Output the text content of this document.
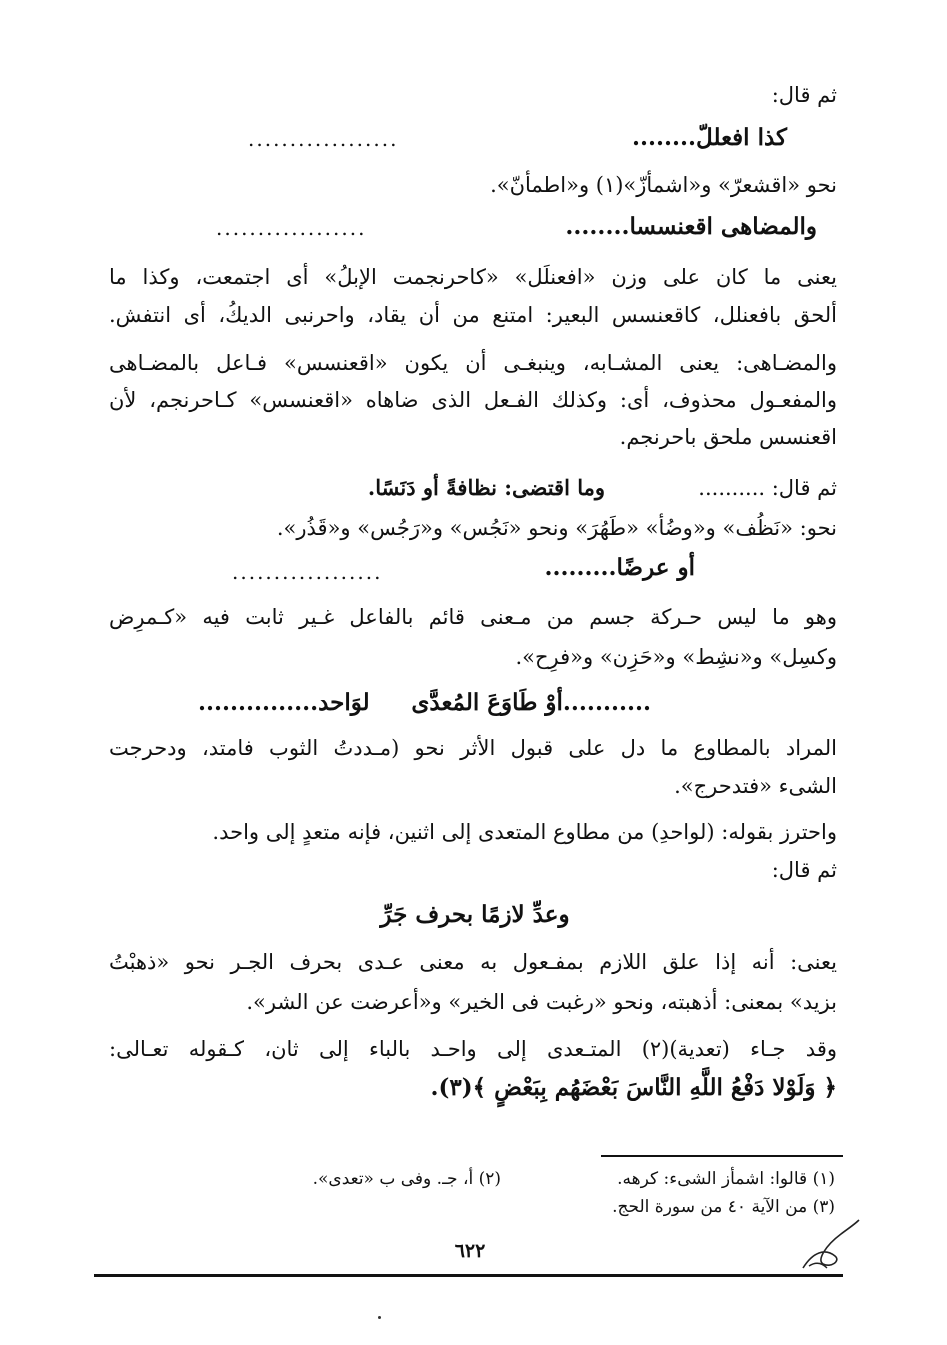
ثم قال:
كذا افعللّ........
..................
نحو «اقشعرّ» و«اشمأزّ»(١) و«اطمأنّ».
والمضاهى اقعنسسا........
..................
يعنى ما كان على وزن «افعنلَل» «كاحرنجمت الإبلُ» أى اجتمعت، وكذا ما
ألحق بافعنلل، كاقعنسس البعير: امتنع من أن يقاد، واحرنبى الديكُ، أى انتفش.
والمضـاهى: يعنى المشـابه، وينبغـى أن يكون «اقعنسس» فـاعل بالمضـاهى
والمفعـول محذوف، أى: وكذلك الفـعل الذى ضاهاه «اقعنسس» كـاحرنجم، لأن
اقعنسس ملحق باحرنجم.
ثم قال: ..........
وما اقتضى: نظافةً أو دَنَسًا.
نحو: «نَظُف» و«وضُأ» «طَهُرَ» ونحو «نَجُس» و«رَجُس» و«قَذُر».
أو عرضًا.........
..................
وهو ما ليس حـركة جسم من مـعنى قائم بالفاعل غـير ثابت فيه «كـمرِض
وكسِل» و«نشِط» و«حَزِن» و«فرِح».
...........أوْ طَاوَعَ المُعدَّى
لوَاحد...............
المراد بالمطاوع ما دل على قبول الأثر نحو (مـددتُ الثوب فامتد، ودحرجت
الشىء «فتدحرج».
واحترز بقوله: (لواحدِ) من مطاوع المتعدى إلى اثنين، فإنه متعدٍ إلى واحد.
ثم قال:
وعدِّ لازمًا بحرف جَرِّ
يعنى: أنه إذا علق اللازم بمفـعول به معنى عـدى بحرف الجـر نحو «ذهبْتُ
بزيد» بمعنى: أذهبته، ونحو «رغبت فى الخير» و«أعرضت عن الشر».
وقد جـاء (تعدية)(٢) المتـعدى إلى واحـد بالباء إلى ثان، كـقوله تعـالى:
﴿ وَلَوْلا دَفْعُ اللَّهِ النَّاسَ بَعْضَهُم بِبَعْضٍ ﴾(٣).
(١) قالوا: اشمأز الشىء: كرهه.
(٢) أ، جـ. وفى ب «تعدى».
(٣) من الآية ٤٠ من سورة الحج.
٦٢٢
